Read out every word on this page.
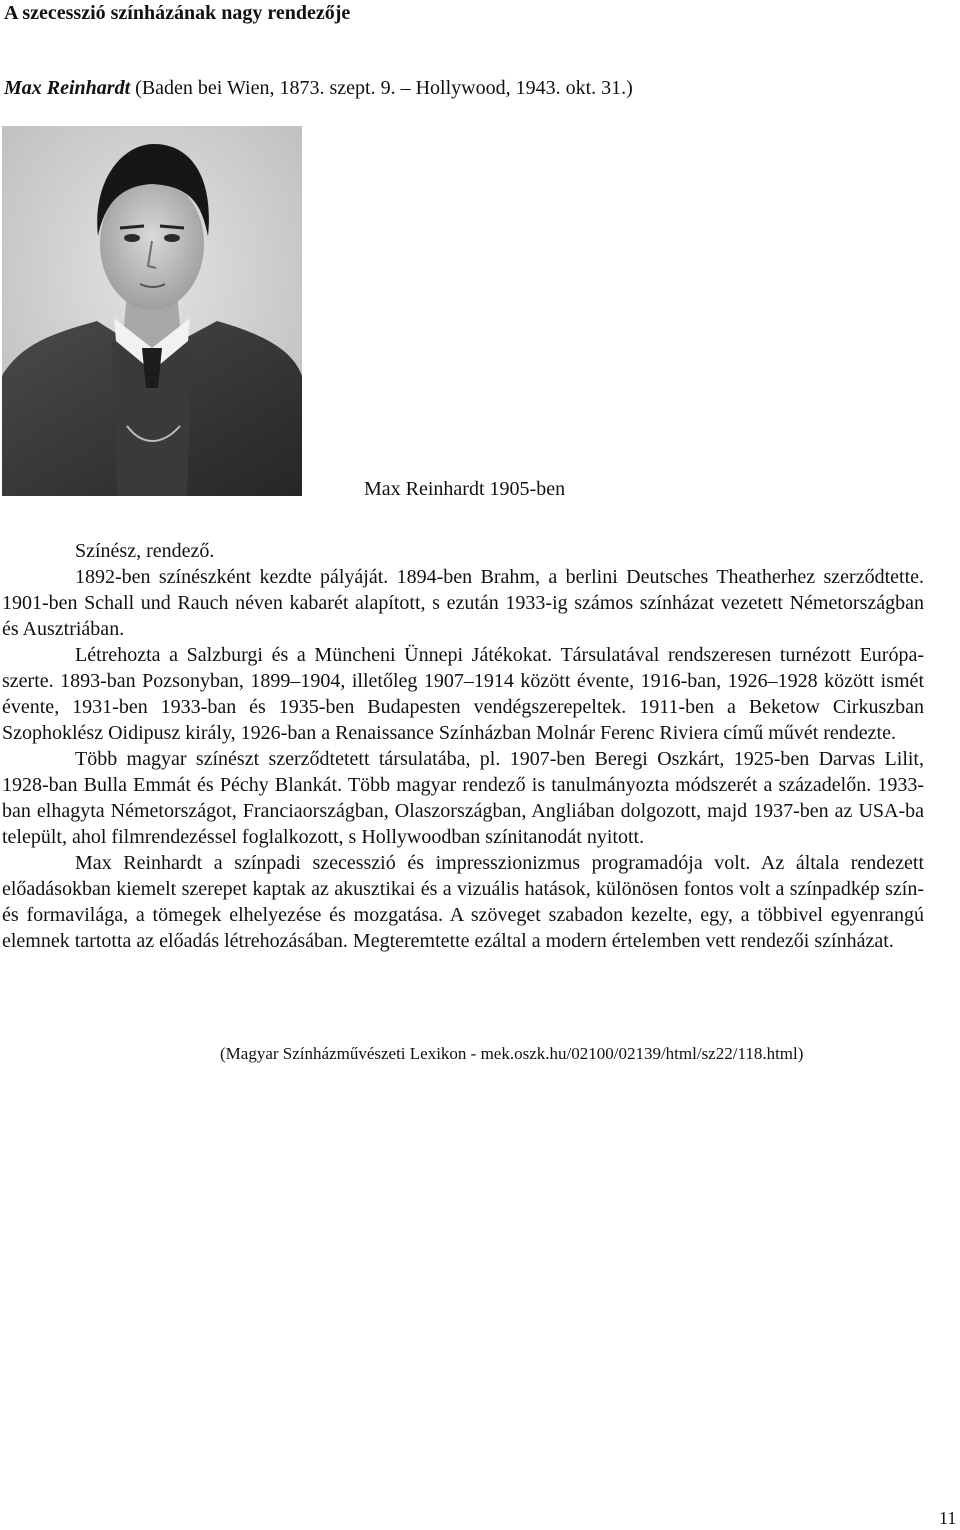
A szecesszió színházának nagy rendezője
Max Reinhardt (Baden bei Wien, 1873. szept. 9. – Hollywood, 1943. okt. 31.)
Max Reinhardt 1905-ben

Színész, rendező.

1892-ben színészként kezdte pályáját. 1894-ben Brahm, a berlini Deutsches Theatherhez szerződtette. 1901-ben Schall und Rauch néven kabarét alapított, s ezután 1933-ig számos színházat vezetett Németországban és Ausztriában.

Létrehozta a Salzburgi és a Müncheni Ünnepi Játékokat. Társulatával rendszeresen turnézott Európa-szerte. 1893-ban Pozsonyban, 1899–1904, illetőleg 1907–1914 között évente, 1916-ban, 1926–1928 között ismét évente, 1931-ben 1933-ban és 1935-ben Budapesten vendégszerepeltek. 1911-ben a Beketow Cirkuszban Szophoklész Oidipusz király, 1926-ban a Renaissance Színházban Molnár Ferenc Riviera című művét rendezte.

Több magyar színészt szerződtetett társulatába, pl. 1907-ben Beregi Oszkárt, 1925-ben Darvas Lilit, 1928-ban Bulla Emmát és Péchy Blankát. Több magyar rendező is tanulmányozta módszerét a századelőn. 1933-ban elhagyta Németországot, Franciaországban, Olaszországban, Angliában dolgozott, majd 1937-ben az USA-ba települt, ahol filmrendezéssel foglalkozott, s Hollywoodban színitanodát nyitott.

Max Reinhardt a színpadi szecesszió és impresszionizmus programadója volt. Az általa rendezett előadásokban kiemelt szerepet kaptak az akusztikai és a vizuális hatások, különösen fontos volt a színpadkép szín- és formavilága, a tömegek elhelyezése és mozgatása. A szöveget szabadon kezelte, egy, a többivel egyenrangú elemnek tartotta az előadás létrehozásában. Megteremtette ezáltal a modern értelemben vett rendezői színházat.

(Magyar Színházművészeti Lexikon - mek.oszk.hu/02100/02139/html/sz22/118.html)
11
